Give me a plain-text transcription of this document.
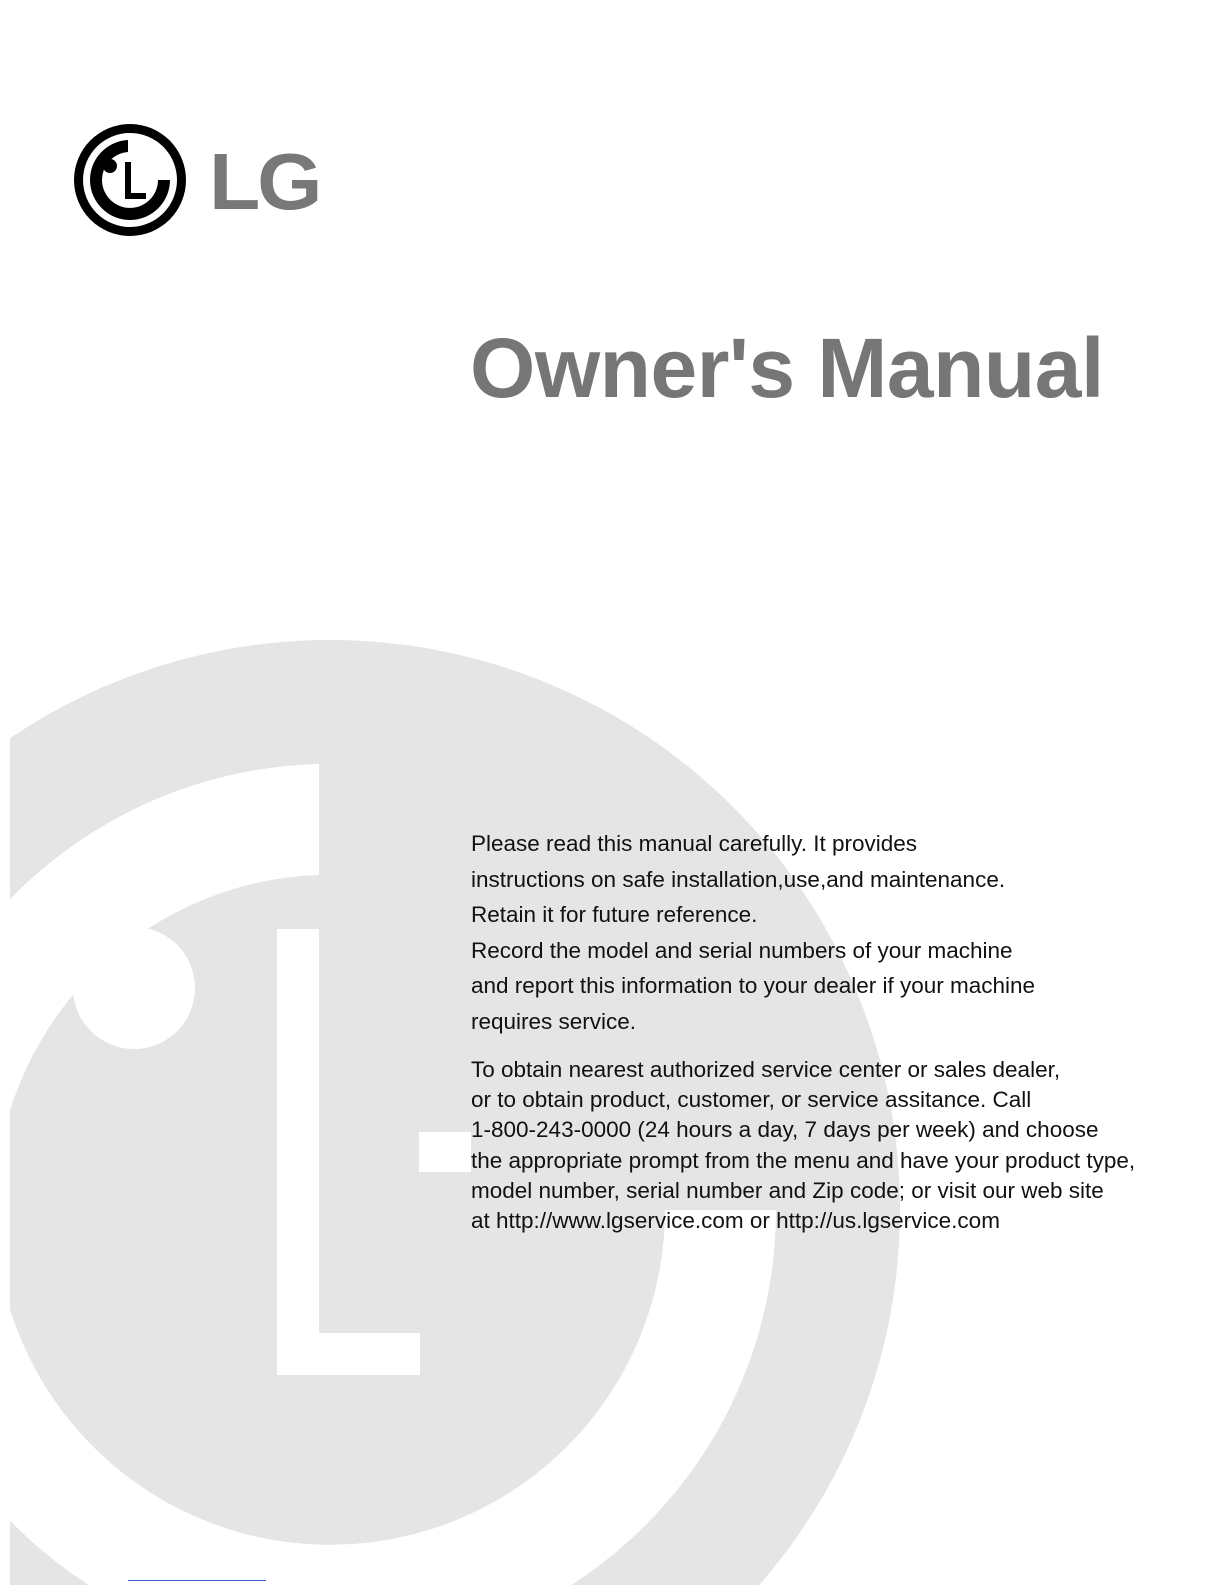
LG
Owner's Manual
Please read this manual carefully. It provides
instructions on safe installation,use,and maintenance.
Retain it for future reference.
Record the model and serial numbers of your machine
and report this information to your dealer if your machine
requires service.
To obtain nearest authorized service center or sales dealer,
or to obtain product, customer, or service assitance. Call
1-800-243-0000 (24 hours a day, 7 days per week) and choose
the appropriate prompt from the menu and have your product type,
model number, serial number and Zip code; or visit our web site
at http://www.lgservice.com or http://us.lgservice.com
